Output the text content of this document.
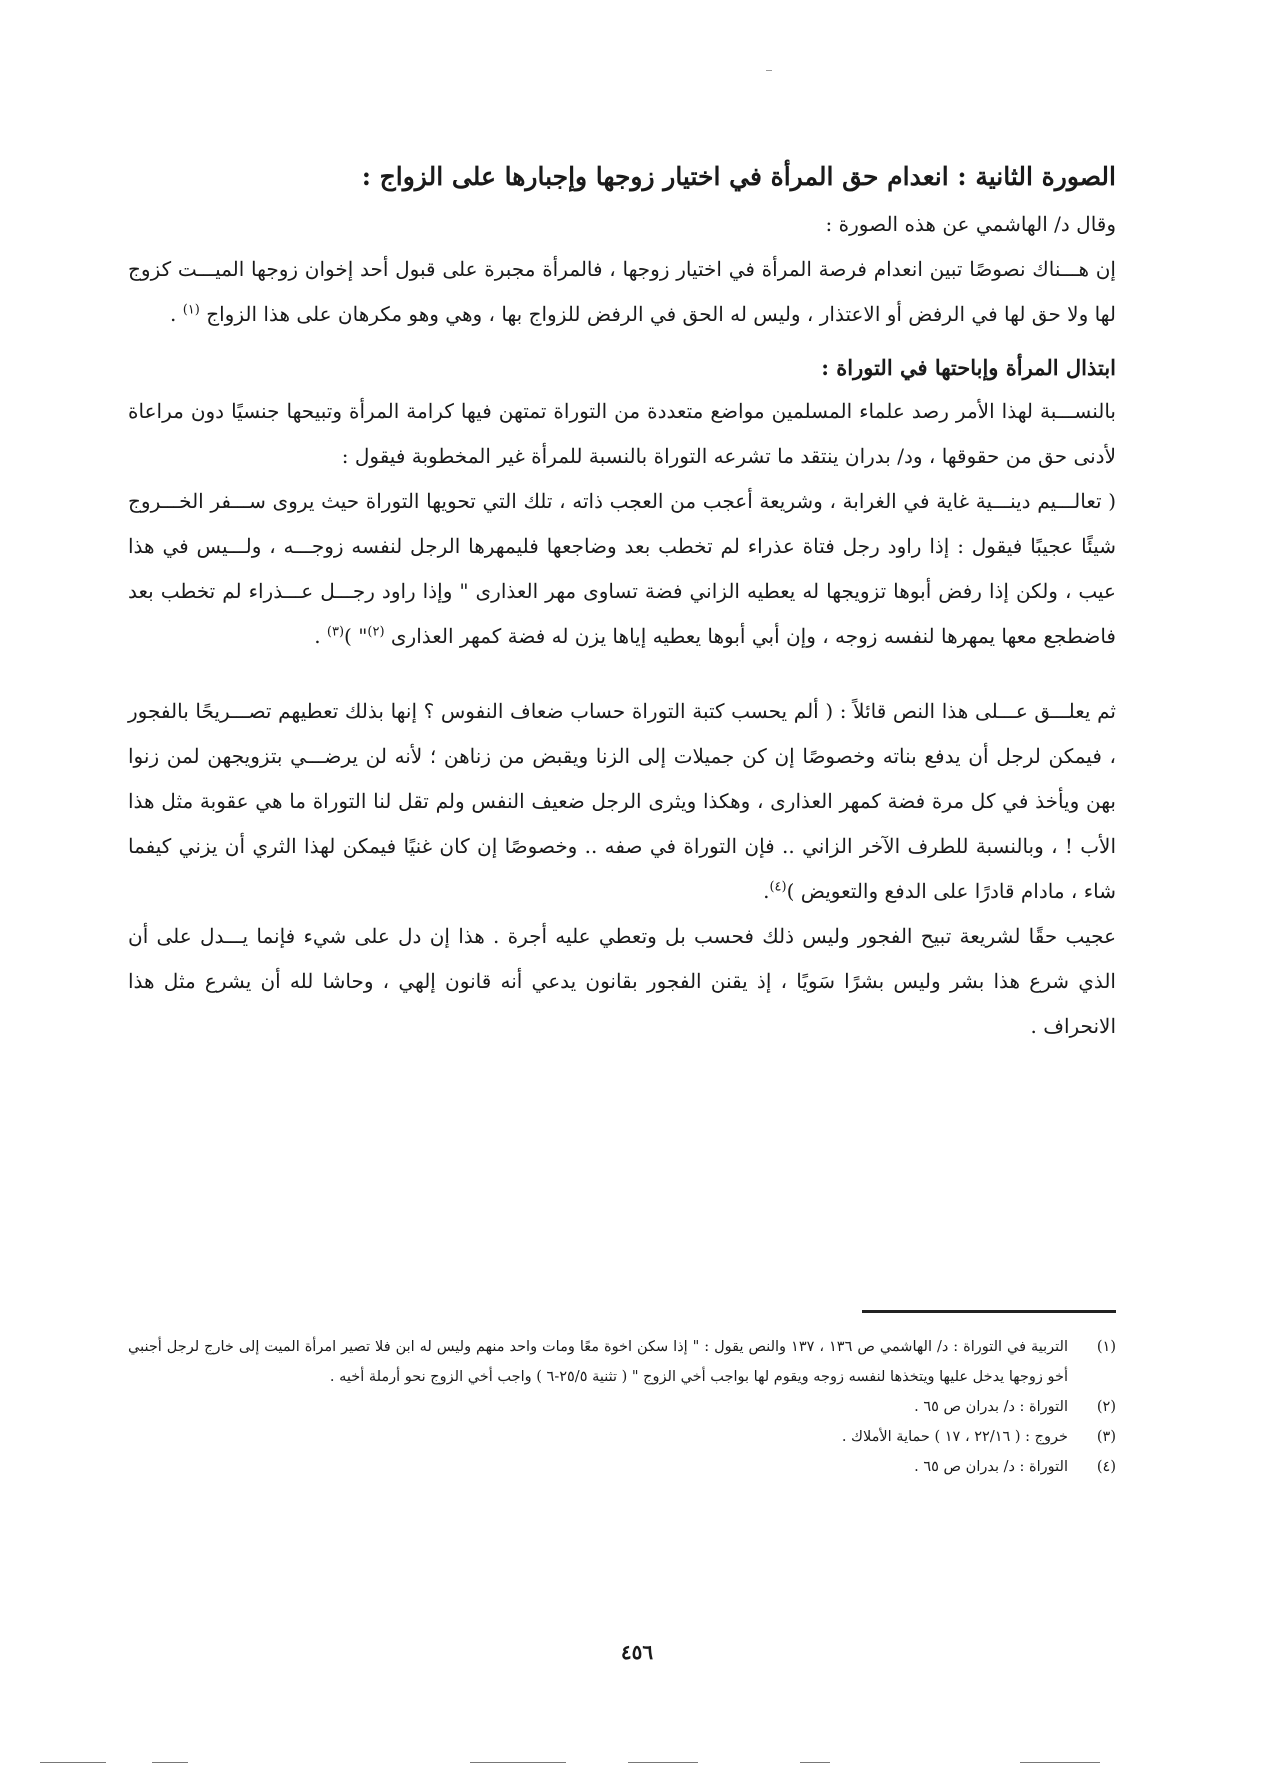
الصورة الثانية : انعدام حق المرأة في اختيار زوجها وإجبارها على الزواج :

وقال د/ الهاشمي عن هذه الصورة :

إن هـــناك نصوصًا تبين انعدام فرصة المرأة في اختيار زوجها ، فالمرأة مجبرة على قبول أحد إخوان زوجها الميـــت كزوج لها ولا حق لها في الرفض أو الاعتذار ، وليس له الحق في الرفض للزواج بها ، وهي وهو مكرهان على هذا الزواج $^{(١)}$ .

ابتذال المرأة وإباحتها في التوراة :

بالنســـبة لهذا الأمر رصد علماء المسلمين مواضع متعددة من التوراة تمتهن فيها كرامة المرأة وتبيحها جنسيًا دون مراعاة لأدنى حق من حقوقها ، ود/ بدران ينتقد ما تشرعه التوراة بالنسبة للمرأة غير المخطوبة فيقول :

( تعالـــيم دينـــية غاية في الغرابة ، وشريعة أعجب من العجب ذاته ، تلك التي تحويها التوراة حيث يروى ســـفر الخـــروج شيئًا عجيبًا فيقول : إذا راود رجل فتاة عذراء لم تخطب بعد وضاجعها فليمهرها الرجل لنفسه زوجـــه ، ولـــيس في هذا عيب ، ولكن إذا رفض أبوها تزويجها له يعطيه الزاني فضة تساوى مهر العذارى " وإذا راود رجـــل عـــذراء لم تخطب بعد فاضطجع معها يمهرها لنفسه زوجه ، وإن أبي أبوها يعطيه إياها يزن له فضة كمهر العذارى $^{(٢)}$" )$^{(٣)}$ .

ثم يعلـــق عـــلى هذا النص قائلاً : ( ألم يحسب كتبة التوراة حساب ضعاف النفوس ؟ إنها بذلك تعطيهم تصـــريحًا بالفجور ، فيمكن لرجل أن يدفع بناته وخصوصًا إن كن جميلات إلى الزنا ويقبض من زناهن ؛ لأنه لن يرضـــي بتزويجهن لمن زنوا بهن ويأخذ في كل مرة فضة كمهر العذارى ، وهكذا ويثرى الرجل ضعيف النفس ولم تقل لنا التوراة ما هي عقوبة مثل هذا الأب ! ، وبالنسبة للطرف الآخر الزاني .. فإن التوراة في صفه .. وخصوصًا إن كان غنيًا فيمكن لهذا الثري أن يزني كيفما شاء ، مادام قادرًا على الدفع والتعويض )$^{(٤)}$.

عجيب حقًا لشريعة تبيح الفجور وليس ذلك فحسب بل وتعطي عليه أجرة . هذا إن دل على شيء فإنما يـــدل على أن الذي شرع هذا بشر وليس بشرًا سَويًا ، إذ يقنن الفجور بقانون يدعي أنه قانون إلهي ، وحاشا لله أن يشرع مثل هذا الانحراف .

(١)
التربية في التوراة : د/ الهاشمي ص ١٣٦ ، ١٣٧ والنص يقول : " إذا سكن اخوة معًا ومات واحد منهم وليس له ابن فلا تصير امرأة الميت إلى خارج لرجل أجنبي أخو زوجها يدخل عليها ويتخذها لنفسه زوجه ويقوم لها بواجب أخي الزوج " ( تثنية ٢٥/٥-٦ ) واجب أخي الزوج نحو أرملة أخيه .
(٢)
التوراة : د/ بدران ص ٦٥ .
(٣)
خروج : ( ٢٢/١٦ ، ١٧ ) حماية الأملاك .
(٤)
التوراة : د/ بدران ص ٦٥ .
٤٥٦
